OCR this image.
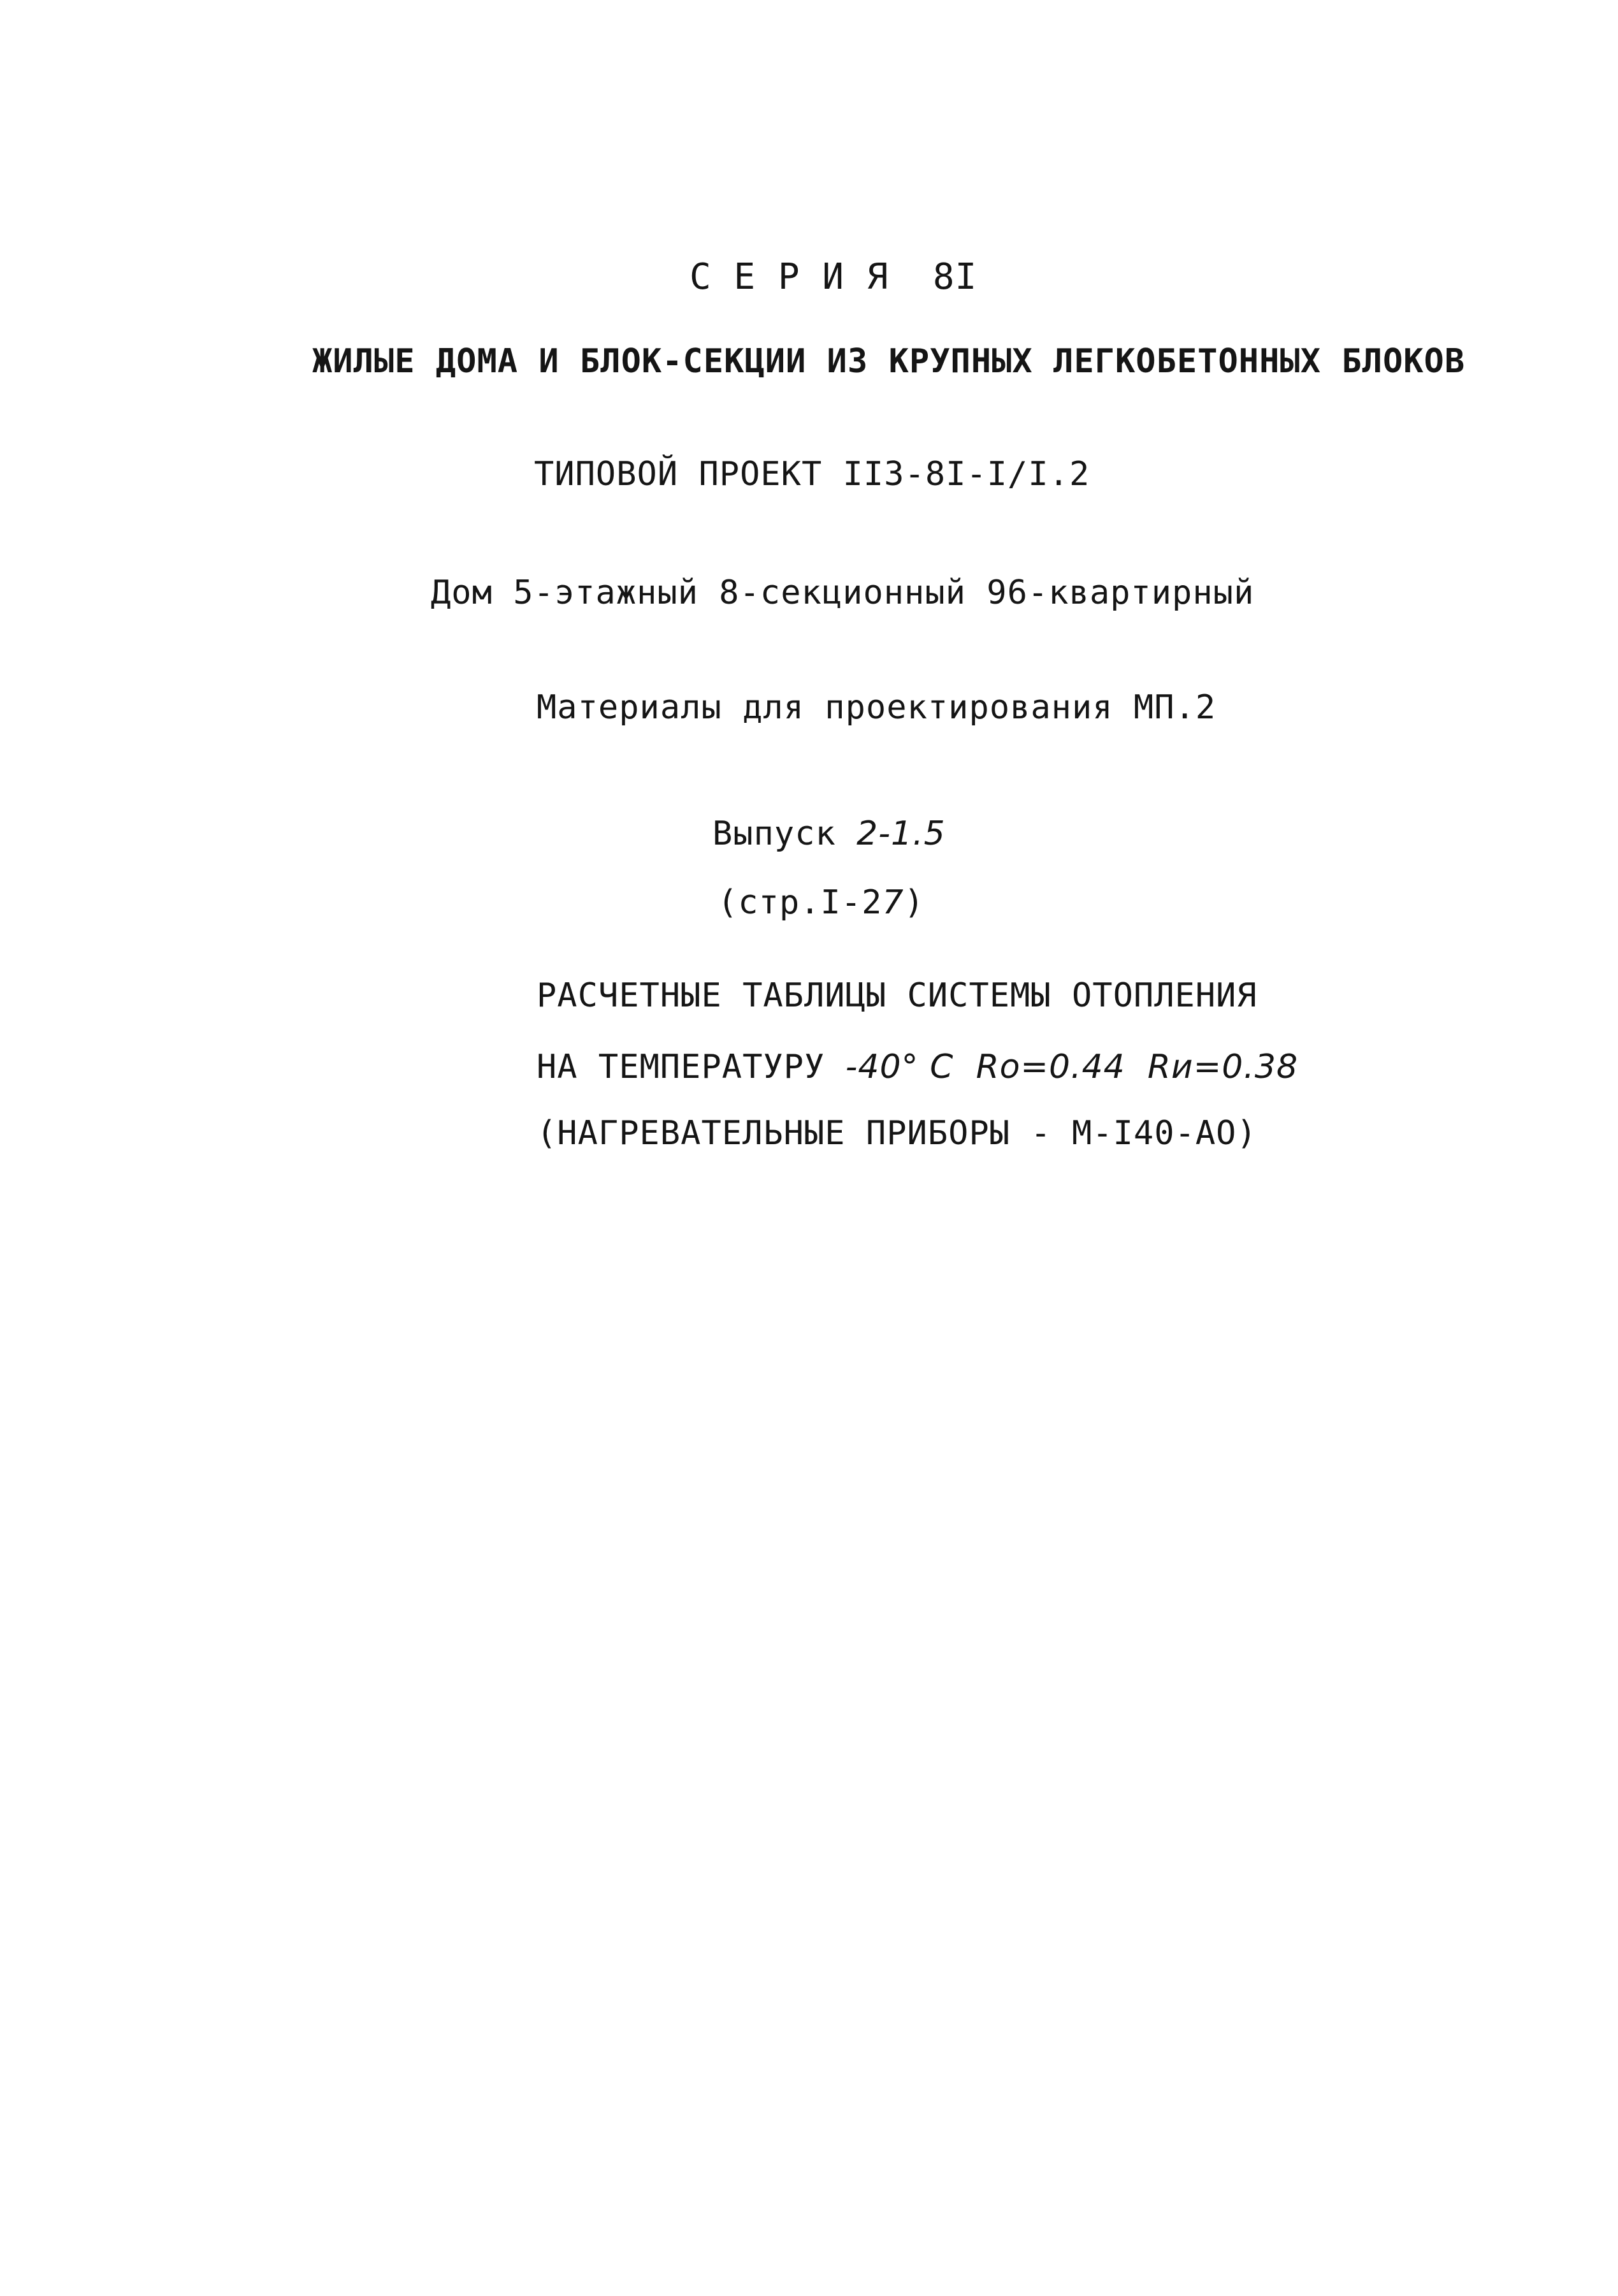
С Е Р И Я  8I
ЖИЛЫЕ ДОМА И БЛОК-СЕКЦИИ ИЗ КРУПНЫХ ЛЕГКОБЕТОННЫХ БЛОКОВ
ТИПОВОЙ ПРОЕКТ II3-8I-I/I.2
Дом 5-этажный 8-секционный 96-квартирный
Материалы для проектирования МП.2
Выпуск 2-1.5
(стр.I-27)
РАСЧЕТНЫЕ ТАБЛИЦЫ СИСТЕМЫ ОТОПЛЕНИЯ
НА ТЕМПЕРАТУРУ -40° C  Rо=0.44  Rи=0.38
(НАГРЕВАТЕЛЬНЫЕ ПРИБОРЫ - М-I40-АО)
